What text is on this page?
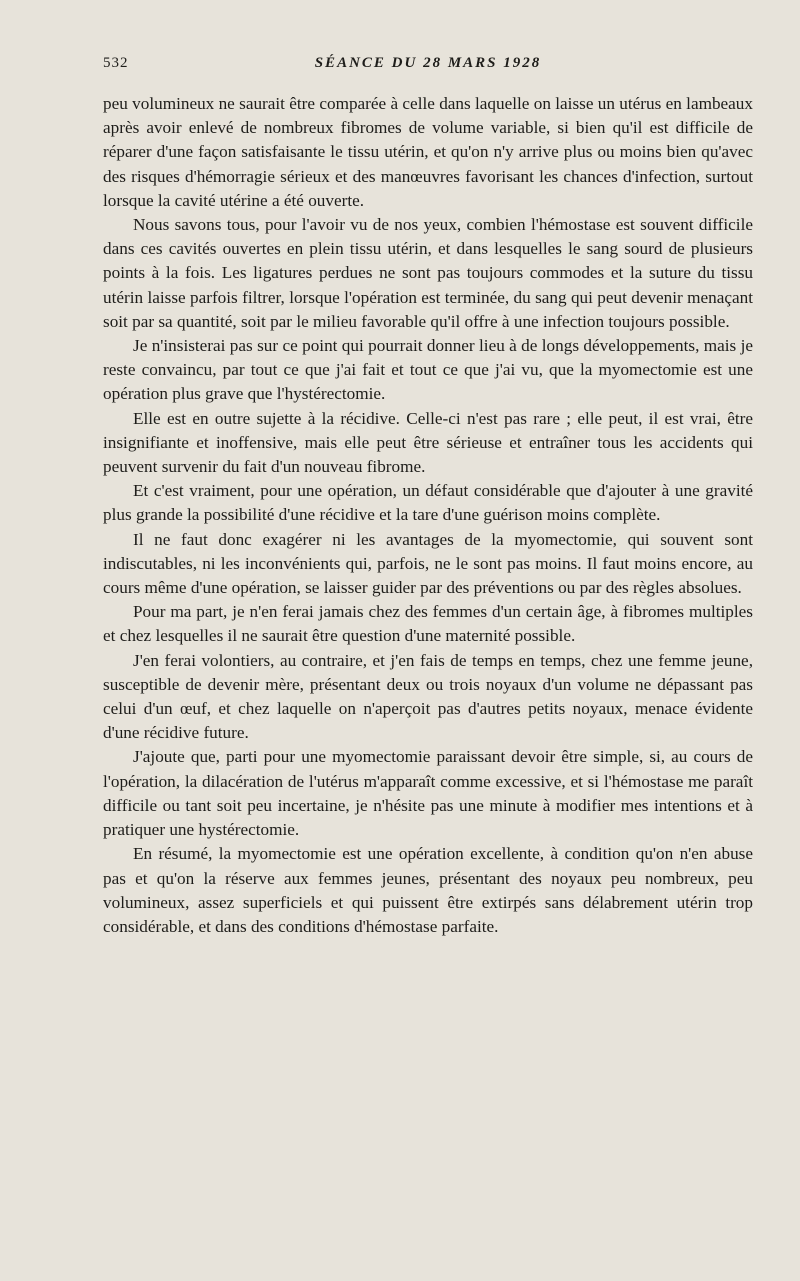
532	SÉANCE DU 28 MARS 1928

peu volumineux ne saurait être comparée à celle dans laquelle on laisse un utérus en lambeaux après avoir enlevé de nombreux fibromes de volume variable, si bien qu'il est difficile de réparer d'une façon satisfaisante le tissu utérin, et qu'on n'y arrive plus ou moins bien qu'avec des risques d'hémorragie sérieux et des manœuvres favorisant les chances d'infection, surtout lorsque la cavité utérine a été ouverte.

Nous savons tous, pour l'avoir vu de nos yeux, combien l'hémostase est souvent difficile dans ces cavités ouvertes en plein tissu utérin, et dans lesquelles le sang sourd de plusieurs points à la fois. Les ligatures perdues ne sont pas toujours commodes et la suture du tissu utérin laisse parfois filtrer, lorsque l'opération est terminée, du sang qui peut devenir menaçant soit par sa quantité, soit par le milieu favorable qu'il offre à une infection toujours possible.

Je n'insisterai pas sur ce point qui pourrait donner lieu à de longs développements, mais je reste convaincu, par tout ce que j'ai fait et tout ce que j'ai vu, que la myomectomie est une opération plus grave que l'hystérectomie.

Elle est en outre sujette à la récidive. Celle-ci n'est pas rare ; elle peut, il est vrai, être insignifiante et inoffensive, mais elle peut être sérieuse et entraîner tous les accidents qui peuvent survenir du fait d'un nouveau fibrome.

Et c'est vraiment, pour une opération, un défaut considérable que d'ajouter à une gravité plus grande la possibilité d'une récidive et la tare d'une guérison moins complète.

Il ne faut donc exagérer ni les avantages de la myomectomie, qui souvent sont indiscutables, ni les inconvénients qui, parfois, ne le sont pas moins. Il faut moins encore, au cours même d'une opération, se laisser guider par des préventions ou par des règles absolues.

Pour ma part, je n'en ferai jamais chez des femmes d'un certain âge, à fibromes multiples et chez lesquelles il ne saurait être question d'une maternité possible.

J'en ferai volontiers, au contraire, et j'en fais de temps en temps, chez une femme jeune, susceptible de devenir mère, présentant deux ou trois noyaux d'un volume ne dépassant pas celui d'un œuf, et chez laquelle on n'aperçoit pas d'autres petits noyaux, menace évidente d'une récidive future.

J'ajoute que, parti pour une myomectomie paraissant devoir être simple, si, au cours de l'opération, la dilacération de l'utérus m'apparaît comme excessive, et si l'hémostase me paraît difficile ou tant soit peu incertaine, je n'hésite pas une minute à modifier mes intentions et à pratiquer une hystérectomie.

En résumé, la myomectomie est une opération excellente, à condition qu'on n'en abuse pas et qu'on la réserve aux femmes jeunes, présentant des noyaux peu nombreux, peu volumineux, assez superficiels et qui puissent être extirpés sans délabrement utérin trop considérable, et dans des conditions d'hémostase parfaite.
